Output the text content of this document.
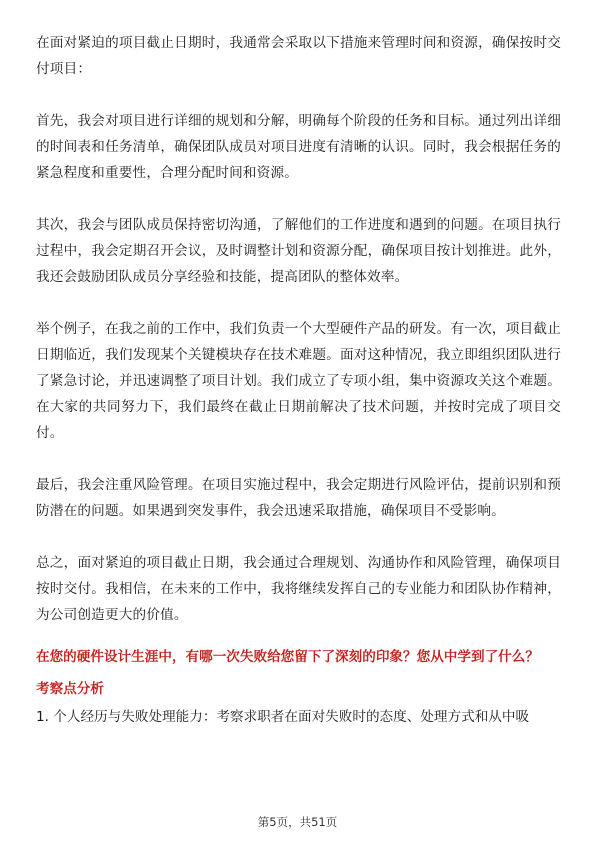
在面对紧迫的项目截止日期时，我通常会采取以下措施来管理时间和资源，确保按时交付项目：

首先，我会对项目进行详细的规划和分解，明确每个阶段的任务和目标。通过列出详细的时间表和任务清单，确保团队成员对项目进度有清晰的认识。同时，我会根据任务的紧急程度和重要性，合理分配时间和资源。

其次，我会与团队成员保持密切沟通，了解他们的工作进度和遇到的问题。在项目执行过程中，我会定期召开会议，及时调整计划和资源分配，确保项目按计划推进。此外，我还会鼓励团队成员分享经验和技能，提高团队的整体效率。

举个例子，在我之前的工作中，我们负责一个大型硬件产品的研发。有一次，项目截止日期临近，我们发现某个关键模块存在技术难题。面对这种情况，我立即组织团队进行了紧急讨论，并迅速调整了项目计划。我们成立了专项小组，集中资源攻关这个难题。在大家的共同努力下，我们最终在截止日期前解决了技术问题，并按时完成了项目交付。

最后，我会注重风险管理。在项目实施过程中，我会定期进行风险评估，提前识别和预防潜在的问题。如果遇到突发事件，我会迅速采取措施，确保项目不受影响。

总之，面对紧迫的项目截止日期，我会通过合理规划、沟通协作和风险管理，确保项目按时交付。我相信，在未来的工作中，我将继续发挥自己的专业能力和团队协作精神，为公司创造更大的价值。

在您的硬件设计生涯中，有哪一次失败给您留下了深刻的印象？您从中学到了什么？
考察点分析
1. 个人经历与失败处理能力：考察求职者在面对失败时的态度、处理方式和从中吸
第5页，共51页
